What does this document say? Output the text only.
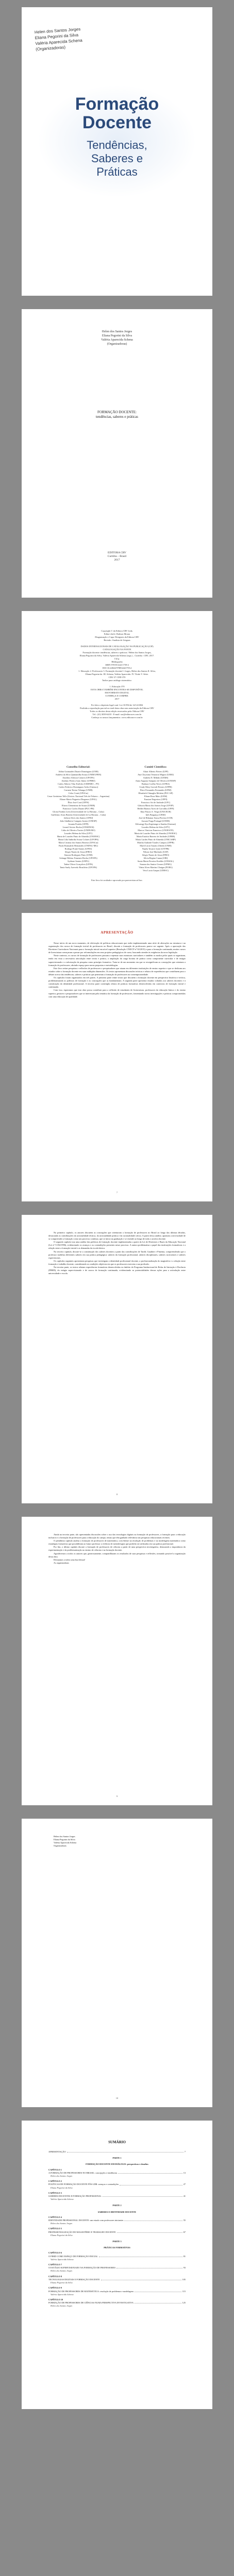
Helen dos Santos Jorges
Eliana Pegorini da Silva
Valéria Aparecida Schena
(Organizadoras)
Formação
Docente
Tendências,
Saberes e
Práticas
Helen dos Santos Jorges
Eliana Pegorini da Silva
Valéria Aparecida Schena
(Organizadoras)
FORMAÇÃO DOCENTE:
tendências, saberes e práticas
EDITORA CRV
Curitiba – Brasil
2017

Copyright © da Editora CRV Ltda.

Editor-chefe: Railson Moura

Diagramação e Capa: Designers da Editora CRV

Revisão: Analista de Línguas

DADOS INTERNACIONAIS DE CATALOGAÇÃO NA PUBLICAÇÃO (CIP)

CATALOGAÇÃO NA FONTE

Formação docente: tendências, saberes e práticas / Helen dos Santos Jorges,

Eliana Pegorini da Silva, Valéria Aparecida Schena (orgs.) – Curitiba : CRV, 2017.

132 p.

Bibliografia

ISBN 978-85-444-1759-4

DOI 10.24824/978854441759.4

1. Educação 2. Professores 3. Formação docente I. Jorges, Helen dos Santos II. Silva,

Eliana Pegorini da. III. Schena, Valéria Aparecida. IV. Título V. Série.

CDU 37 CDD 370

Índice para catálogo sistemático

1. Educação 370

ESTA OBRA TAMBÉM ENCONTRA-SE DISPONÍVEL

EM FORMATO DIGITAL

CONHEÇA E COMPRE:

2017

Foi feito o depósito legal conf. Lei 10.994 de 14/12/2004

Proibida a reprodução parcial ou total desta obra sem autorização da Editora CRV

Todos os direitos desta edição reservados pela: Editora CRV

Tel.: (41) 3039-6418 - E-mail: sac@editoracrv.com.br

Conheça os nossos lançamentos: www.editoracrv.com.br

Conselho Editorial:
Aldira Guimarães Duarte Domínguez (UNB)
Andréia da Silva Quintanilha Sousa (UNIR/UFRN)
Anselmo Alencar Colares (UFOPA)
Antônio Pereira Gaio Júnior (UFRRJ)
Carlos Alberto Vilar Estêvão (UMINHO – PT)
Carlos Federico Dominguez Avila (Unieuro)
Carmen Tereza Velanga (UNIR)
Celso Conti (UFSCar)
Cesar Gerónimo Tello (Univer. Nacional Três de Febrero – Argentina)
Elione Maria Nogueira Diogenes (UFAL)
Élsio José Corá (UFFS)
Elizeu Clementino de Souza (UNEB)
Francisco Carlos Duarte (PUC-PR)
Gloria Fariñas León (Universidade de La Havana – Cuba)
Guillermo Arias Beatón (Universidade de La Havana – Cuba)
Jailson Alves dos Santos (UFRJ)
João Adalberto Campato Junior (UNESP)
Josania Portela (UFPI)
Leonel Severo Rocha (UNISINOS)
Lídia de Oliveira Xavier (UNIEURO)
Lourdes Helena da Silva (UFV)
Maria de Lourdes Pinto de Almeida (UNOESC)
Maria Lília Imbiriba Sousa Colares (UFOPA)
Maria Cristina dos Santos Bezerra (UFSCar)
Paulo Romualdo Hernandes (UNIFAL-MG)
Rodrigo Pratte-Santos (UFES)
Sérgio Nunes de Jesus (IFRO)
Simone Rodrigues Pinto (UNB)
Solange Helena Ximenes-Rocha (UFOPA)
Sydione Santos (UEPG)
Tadeu Oliver Gonçalves (UFPA)
Tania Suely Azevedo Brasileiro (UFOPA)
Comitê Científico:
Altair Alberto Fávero (UPF)
Ana Chrystina Venancio Mignot (UERJ)
Andréia N. Militão (UEMS)
Anna Augusta Sampaio de Oliveira (UNESP)
Barbara Coelho Neves (UFBA)
Cindy Mery Gavioli-Prestes (UFPB)
Dirce Fernandes Fernandes (UFRJ)
Elizabeth Chinaglia Moletta (PUC-SP)
Eliane Rose Maio (UEM)
Fauston Negreiros (UFPI)
Francisco Ari de Andrade (UFC)
Gláucia Maria dos Santos Jorge (UFOP)
Helder Buenos Aires de Carvalho (UFPI)
Ilma Passos A. Veiga (UNICEUB)
Inês Bragança (UERJ)
José de Ribamar Sousa Pereira (UCB)
Jussara Fraga Portugal (UNEB)
Kilwangy Kya Kapitango-a-Samba (Unemat)
Lourdes Helena da Silva (UFV)
Marcos Vinicius Francisco (UNOESTE)
Maria de Lourdes Pinto de Almeida (UNOESC)
Maria Eurácia Barreto de Andrade (UFRB)
Maria Lurdes Pinto de Almeida (UNICAMP)
Marilia Andrade Torales Campos (UFPR)
Marli Lúcia Tonatto Zibetti (UNIR)
Najela Tavares Ujiie (UTFPR)
Nilson José Machado (USP)
Sérgio Nunes de Jesus (IFRO)
Silvia Regina Canan (URI)
Sonia Maria Ferreira Koehler (UNISAL)
Suzana dos Santos Gomes (UFMG)
Vânia Alves Martins Chaigar (FURG)
Vera Lucia Gaspar (UDESC)
Este livro foi avaliado e aprovado por pareceristas ad hoc.
APRESENTAÇÃO

Nesse início de um novo momento, de efetivação de políticas educacionais que estão implementando uma série de alterações na estrutura e na organização dos cursos de formação inicial de professores no Brasil, discutir a formação de professores parece ser urgente. Após a aprovação das Diretrizes Curriculares Nacionais para a formação inicial em nível superior (Resolução CNE/CP nº 02/2015) e para a formação continuada, muitos cursos de licenciatura começaram a passar por reformulações em seus projetos pedagógicos de curso, buscando atender às exigências da nova legislação.

Neste contexto, os cursos de formação de professores passam a repensar suas estruturas curriculares e também os modos pelos quais se organizam, tendo em vista a necessária articulação entre teoria e prática, a ampliação da carga horária de prática como componente curricular e de estágio supervisionado e a valorização da pesquisa como princípio formativo. Trata-se de um momento em que se ressignificam as concepções que orientam a formação de professores, abrindo espaço para novas propostas e metodologias.

Este livro reúne pesquisas e reflexões de professores e pesquisadores que atuam em diferentes instituições de ensino superior e que se dedicam aos estudos sobre a formação docente em suas múltiplas dimensões. Os textos apresentam discussões teóricas e relatos de experiências que contribuem para o debate acerca das tendências, saberes e práticas que permeiam a formação de professores na contemporaneidade.

Os capítulos foram organizados em três partes. A primeira parte reúne textos que discutem a formação docente em perspectiva histórica e teórica, problematizando as políticas de formação e as concepções que as fundamentam. A segunda parte apresenta estudos voltados aos saberes docentes e à constituição da identidade profissional. A terceira parte contempla relatos de práticas formativas desenvolvidas em contextos de formação inicial e continuada.

Com isso, esperamos que esta obra possa contribuir para a reflexão de estudantes de licenciatura, professores da educação básica e do ensino superior, gestores e pesquisadores que se interessam pela temática da formação de professores, fomentando novas investigações e práticas comprometidas com uma educação de qualidade.

7

No primeiro capítulo, os autores discutem as concepções que orientaram a formação de professores no Brasil ao longo das últimas décadas, destacando as contribuições da racionalidade técnica, da racionalidade prática e da racionalidade crítica. A partir dessa análise, apontam a necessidade de se compreender a formação como um processo contínuo, que se inicia na graduação e se estende ao longo de toda a carreira docente.

O segundo capítulo traz uma análise das políticas de formação docente implementadas a partir da Lei de Diretrizes e Bases da Educação Nacional (Lei nº 9.394/1996), evidenciando os avanços e as contradições presentes nesse processo. A autora problematiza o papel das instituições formadoras e a relação entre a formação inicial e as demandas da escola básica.

No terceiro capítulo, discute-se a constituição dos saberes docentes a partir das contribuições de Tardif, Gauthier e Pimenta, compreendendo que o professor mobiliza diferentes saberes em sua prática pedagógica: saberes da formação profissional, saberes disciplinares, saberes curriculares e saberes experienciais.

Os capítulos seguintes apresentam pesquisas que investigam a identidade profissional docente, a profissionalização do magistério e a relação entre formação e trabalho docente, considerando as condições objetivas em que os professores exercem a sua profissão.

Na terceira parte, os textos relatam experiências formativas desenvolvidas no âmbito do Programa Institucional de Bolsa de Iniciação à Docência (PIBID), do estágio supervisionado e de cursos de formação continuada, evidenciando as potencialidades dessas ações para a articulação entre universidade e escola.

8

Ainda na terceira parte, são apresentadas discussões sobre o uso das tecnologias digitais na formação de professores, a formação para a educação inclusiva e a formação de professores para a educação do campo, temas que têm ganhado relevância nas pesquisas educacionais recentes.

O penúltimo capítulo analisa a formação de professores de matemática, com ênfase na resolução de problemas e na modelagem matemática como estratégias formativas que possibilitam ao futuro professor a vivência de metodologias que poderão ser utilizadas em sua prática profissional.

Por fim, o último capítulo discute a formação de professores de ciências a partir de uma perspectiva investigativa, destacando a importância da experimentação e da problematização no ensino de ciências e na formação docente.

Agradecemos a todos os autores que, generosamente, compartilharam os resultados de suas pesquisas e reflexões, tornando possível a organização desta obra.

Desejamos a todos uma boa leitura!

As organizadoras

9

Helen dos Santos Jorges

Eliana Pegorini da Silva

Valéria Aparecida Schena

Organizadoras

10
SUMÁRIO
APRESENTAÇÃO	7
PARTE 1
FORMAÇÃO DOCENTE EM DIÁLOGO: perspectivas e desafios
CAPÍTULO 1
A FORMAÇÃO DE PROFESSORES NO BRASIL: concepções e tendências	13
Helen dos Santos Jorges
CAPÍTULO 2
POLÍTICAS DE FORMAÇÃO DOCENTE PÓS-LDB: avanços e contradições	27
Eliana Pegorini da Silva
CAPÍTULO 3
SABERES DOCENTES E FORMAÇÃO PROFISSIONAL	41
Valéria Aparecida Schena
PARTE 2
SABERES E IDENTIDADE DOCENTE
CAPÍTULO 4
IDENTIDADE PROFISSIONAL DOCENTE: um estudo com professores iniciantes	55
Helen dos Santos Jorges
CAPÍTULO 5
PROFISSIONALIZAÇÃO DO MAGISTÉRIO E TRABALHO DOCENTE	67
Eliana Pegorini da Silva
PARTE 3
PRÁTICAS FORMATIVAS
CAPÍTULO 6
O PIBID COMO ESPAÇO DE FORMAÇÃO INICIAL	81
Valéria Aparecida Schena
CAPÍTULO 7
O ESTÁGIO SUPERVISIONADO NA FORMAÇÃO DE PROFESSORES	93
Helen dos Santos Jorges
CAPÍTULO 8
TECNOLOGIAS DIGITAIS E FORMAÇÃO DOCENTE	105
Eliana Pegorini da Silva
CAPÍTULO 9
FORMAÇÃO DE PROFESSORES DE MATEMÁTICA: resolução de problemas e modelagem	115
Valéria Aparecida Schena
CAPÍTULO 10
FORMAÇÃO DE PROFESSORES DE CIÊNCIAS NUMA PERSPECTIVA INVESTIGATIVA	125
Helen dos Santos Jorges
